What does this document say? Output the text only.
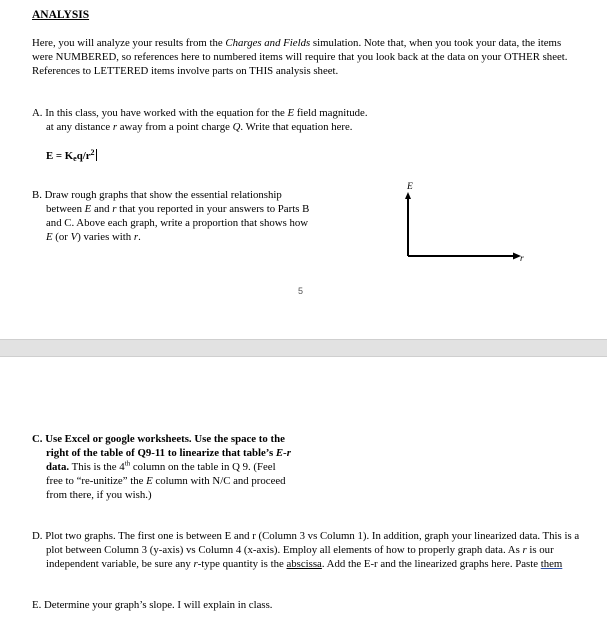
ANALYSIS
Here, you will analyze your results from the Charges and Fields simulation. Note that, when you took your data, the items were NUMBERED, so references here to numbered items will require that you look back at the data on your OTHER sheet. References to LETTERED items involve parts on THIS analysis sheet.
A. In this class, you have worked with the equation for the E field magnitude.
at any distance r away from a point charge Q. Write that equation here.
E = Keq/$r^2$
B. Draw rough graphs that show the essential relationship between E and r that you reported in your answers to Parts B and C. Above each graph, write a proportion that shows how E (or V) varies with r.
E
r
5
C. Use Excel or google worksheets. Use the space to the right of the table of Q9-11 to linearize that table’s E-r data. This is the 4th column on the table in Q 9. (Feel free to “re-unitize” the E column with N/C and proceed from there, if you wish.)
D. Plot two graphs. The first one is between E and r (Column 3 vs Column 1). In addition, graph your linearized data. This is a plot between Column 3 (y-axis) vs Column 4 (x-axis). Employ all elements of how to properly graph data. As r is our independent variable, be sure any r-type quantity is the abscissa. Add the E-r and the linearized graphs here. Paste them
E. Determine your graph’s slope. I will explain in class.
